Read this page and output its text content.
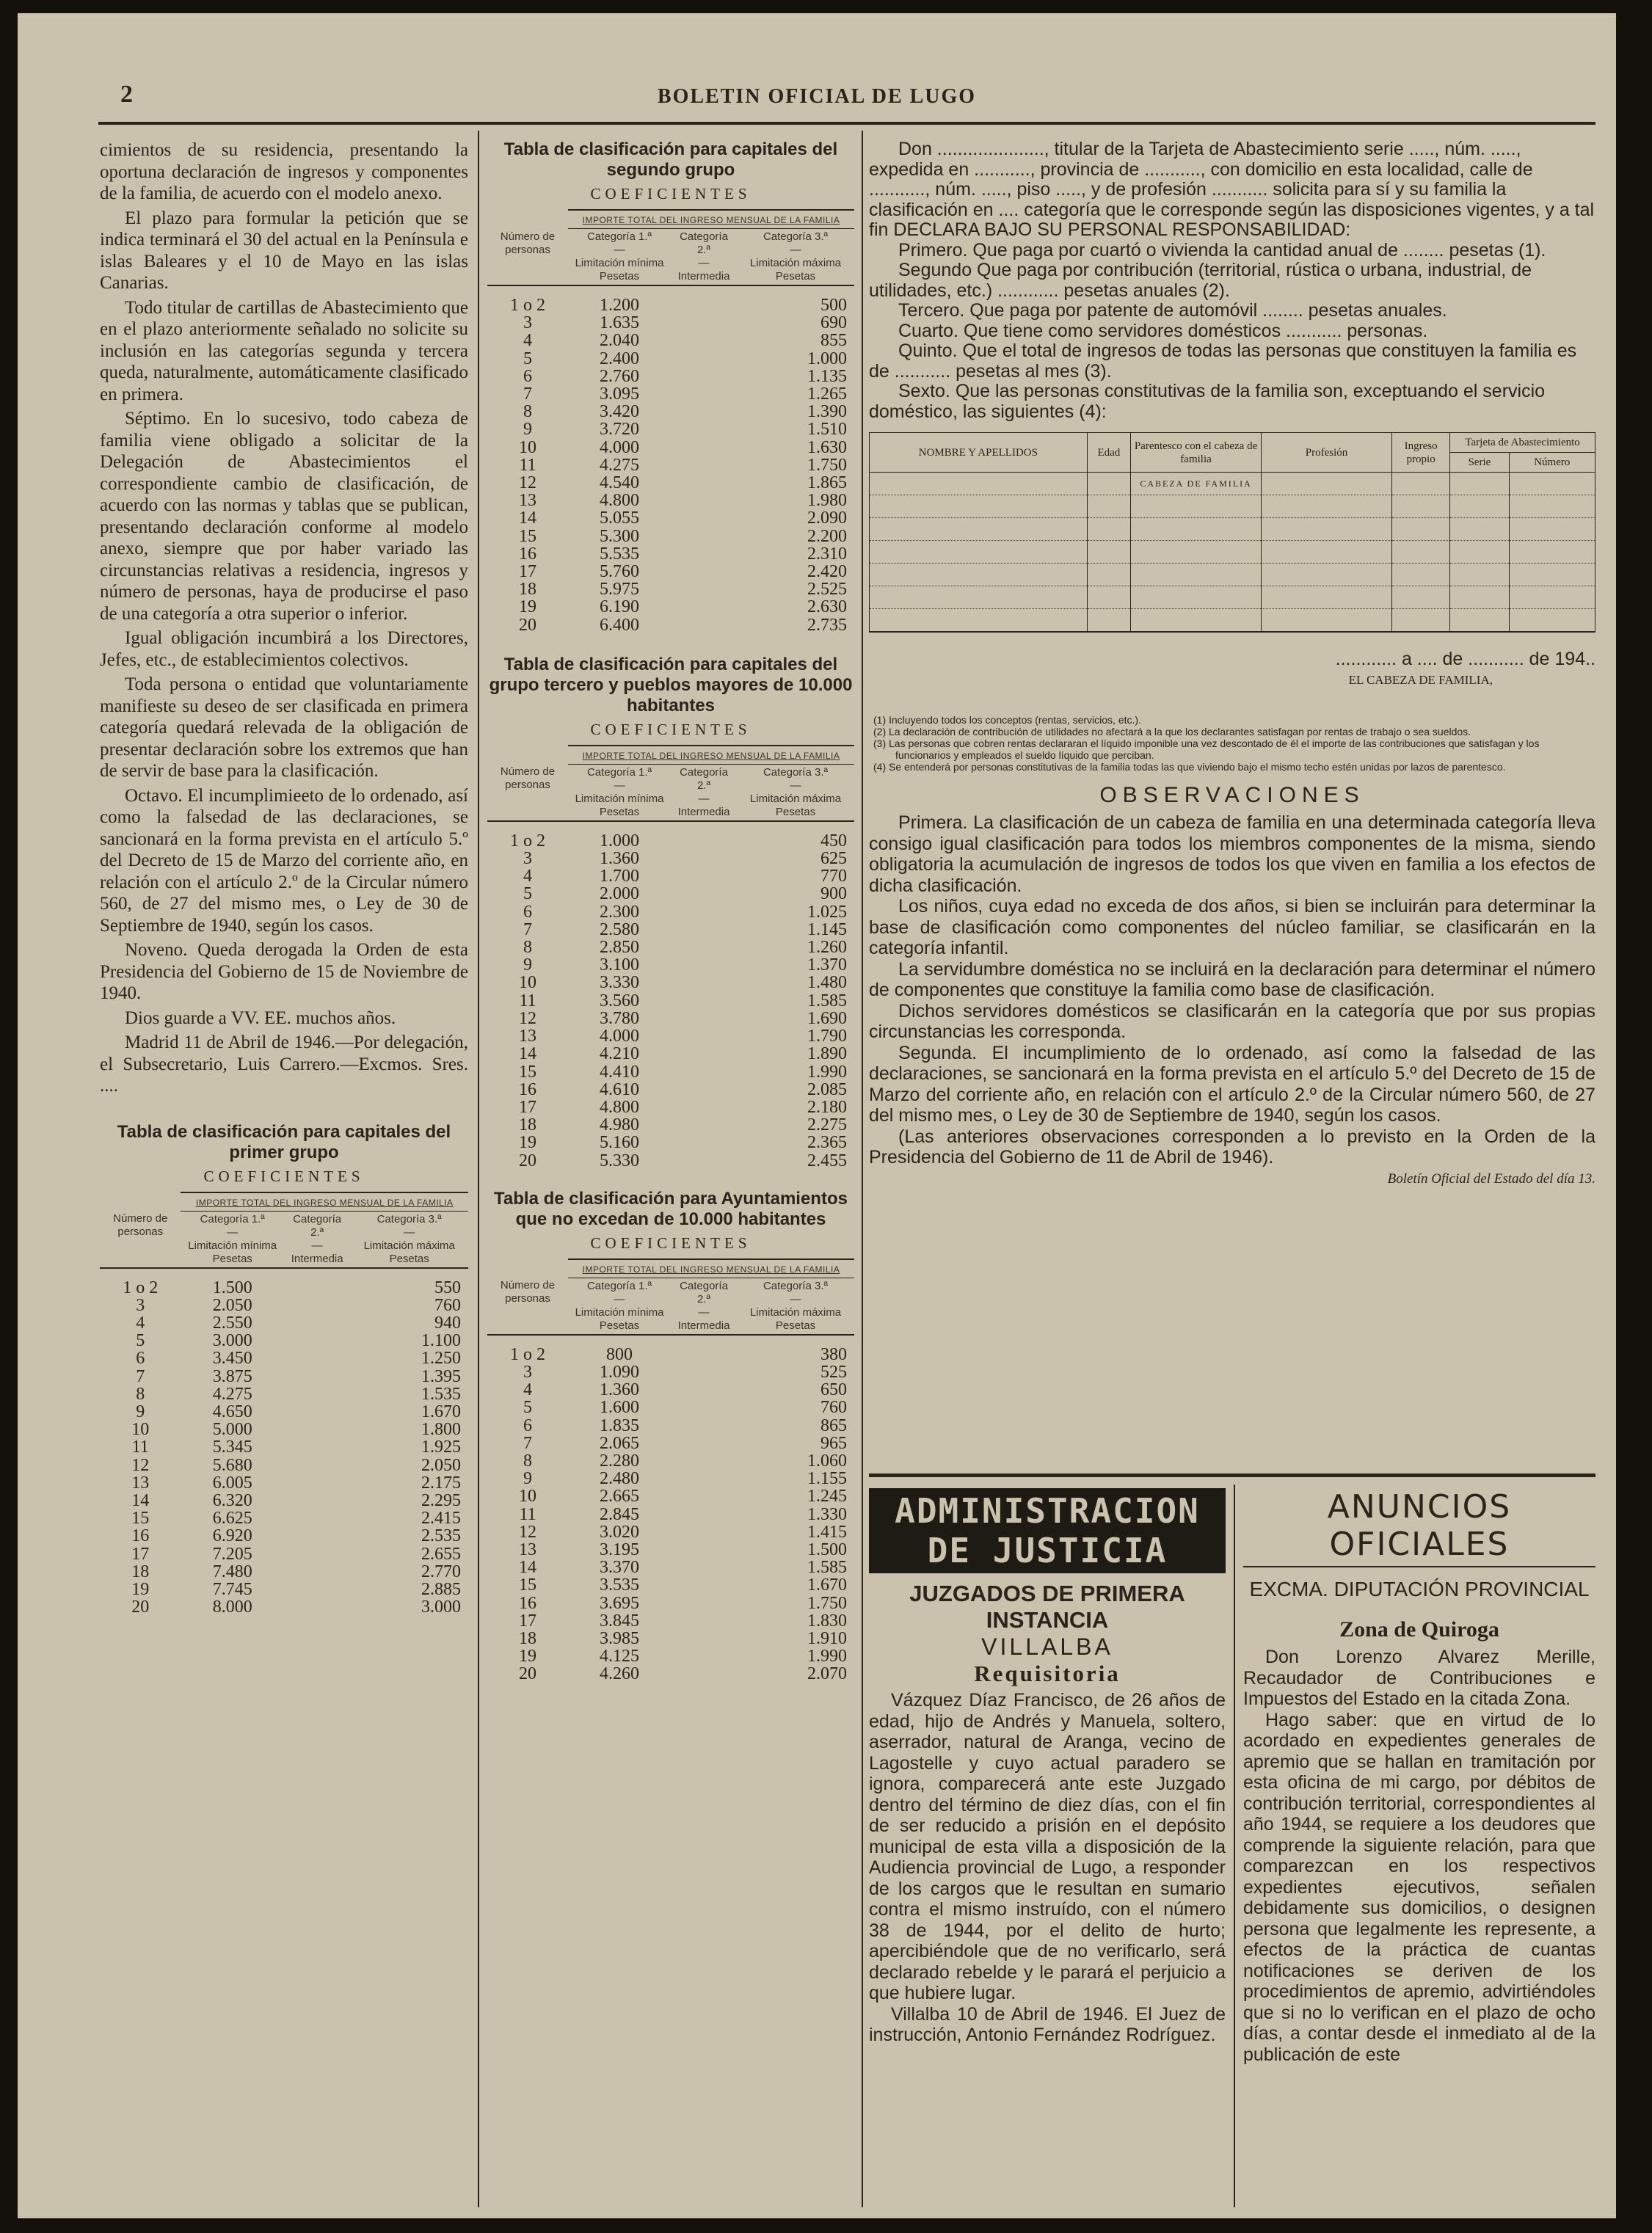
2	BOLETIN OFICIAL DE LUGO

cimientos de su residencia, presentando la oportuna declaración de ingresos y componentes de la familia, de acuerdo con el modelo anexo.

El plazo para formular la petición que se indica terminará el 30 del actual en la Península e islas Baleares y el 10 de Mayo en las islas Canarias.

Todo titular de cartillas de Abastecimiento que en el plazo anteriormente señalado no solicite su inclusión en las categorías segunda y tercera queda, naturalmente, automáticamente clasificado en primera.

Séptimo. En lo sucesivo, todo cabeza de familia viene obligado a solicitar de la Delegación de Abastecimientos el correspondiente cambio de clasificación, de acuerdo con las normas y tablas que se publican, presentando declaración conforme al modelo anexo, siempre que por haber variado las circunstancias relativas a residencia, ingresos y número de personas, haya de producirse el paso de una categoría a otra superior o inferior.

Igual obligación incumbirá a los Directores, Jefes, etc., de establecimientos colectivos.

Toda persona o entidad que voluntariamente manifieste su deseo de ser clasificada en primera categoría quedará relevada de la obligación de presentar declaración sobre los extremos que han de servir de base para la clasificación.

Octavo. El incumplimieeto de lo ordenado, así como la falsedad de las declaraciones, se sancionará en la forma prevista en el artículo 5.º del Decreto de 15 de Marzo del corriente año, en relación con el artículo 2.º de la Circular número 560, de 27 del mismo mes, o Ley de 30 de Septiembre de 1940, según los casos.

Noveno. Queda derogada la Orden de esta Presidencia del Gobierno de 15 de Noviembre de 1940.

Dios guarde a VV. EE. muchos años.

Madrid 11 de Abril de 1946.—Por delegación, el Subsecretario, Luis Carrero.—Excmos. Sres. ....

Tabla de clasificación para capitales del primer grupo
COEFICIENTES
	IMPORTE TOTAL DEL INGRESO MENSUAL DE LA FAMILIA		
Número de personas	Categoría 1.ª
—
Limitación mínima
Pesetas	Categoría 2.ª
—
Intermedia	Categoría 3.ª
—
Limitación máxima
Pesetas

1 o 2	1.500		550
3	2.050		760
4	2.550		940
5	3.000		1.100
6	3.450		1.250
7	3.875		1.395
8	4.275		1.535
9	4.650		1.670
10	5.000		1.800
11	5.345		1.925
12	5.680		2.050
13	6.005		2.175
14	6.320		2.295
15	6.625		2.415
16	6.920		2.535
17	7.205		2.655
18	7.480		2.770
19	7.745		2.885
20	8.000		3.000
Tabla de clasificación para capitales del segundo grupo
COEFICIENTES
	IMPORTE TOTAL DEL INGRESO MENSUAL DE LA FAMILIA		
Número de personas	Categoría 1.ª
—
Limitación mínima
Pesetas	Categoría 2.ª
—
Intermedia	Categoría 3.ª
—
Limitación máxima
Pesetas

1 o 2	1.200		500
3	1.635		690
4	2.040		855
5	2.400		1.000
6	2.760		1.135
7	3.095		1.265
8	3.420		1.390
9	3.720		1.510
10	4.000		1.630
11	4.275		1.750
12	4.540		1.865
13	4.800		1.980
14	5.055		2.090
15	5.300		2.200
16	5.535		2.310
17	5.760		2.420
18	5.975		2.525
19	6.190		2.630
20	6.400		2.735
Tabla de clasificación para capitales del grupo tercero y pueblos mayores de 10.000 habitantes
COEFICIENTES
	IMPORTE TOTAL DEL INGRESO MENSUAL DE LA FAMILIA		
Número de personas	Categoría 1.ª
—
Limitación mínima
Pesetas	Categoría 2.ª
—
Intermedia	Categoría 3.ª
—
Limitación máxima
Pesetas

1 o 2	1.000		450
3	1.360		625
4	1.700		770
5	2.000		900
6	2.300		1.025
7	2.580		1.145
8	2.850		1.260
9	3.100		1.370
10	3.330		1.480
11	3.560		1.585
12	3.780		1.690
13	4.000		1.790
14	4.210		1.890
15	4.410		1.990
16	4.610		2.085
17	4.800		2.180
18	4.980		2.275
19	5.160		2.365
20	5.330		2.455
Tabla de clasificación para Ayuntamientos que no excedan de 10.000 habitantes
COEFICIENTES
	IMPORTE TOTAL DEL INGRESO MENSUAL DE LA FAMILIA		
Número de personas	Categoría 1.ª
—
Limitación mínima
Pesetas	Categoría 2.ª
—
Intermedia	Categoría 3.ª
—
Limitación máxima
Pesetas

1 o 2	800		380
3	1.090		525
4	1.360		650
5	1.600		760
6	1.835		865
7	2.065		965
8	2.280		1.060
9	2.480		1.155
10	2.665		1.245
11	2.845		1.330
12	3.020		1.415
13	3.195		1.500
14	3.370		1.585
15	3.535		1.670
16	3.695		1.750
17	3.845		1.830
18	3.985		1.910
19	4.125		1.990
20	4.260		2.070

Don ....................., titular de la Tarjeta de Abastecimiento serie ....., núm. ....., expedida en ..........., provincia de ..........., con domicilio en esta localidad, calle de ..........., núm. ....., piso ....., y de profesión ........... solicita para sí y su familia la clasificación en .... categoría que le corresponde según las disposiciones vigentes, y a tal fin DECLARA BAJO SU PERSONAL RESPONSABILIDAD:

Primero. Que paga por cuartó o vivienda la cantidad anual de ........ pesetas (1).

Segundo Que paga por contribución (territorial, rústica o urbana, industrial, de utilidades, etc.) ............ pesetas anuales (2).

Tercero. Que paga por patente de automóvil ........ pesetas anuales.

Cuarto. Que tiene como servidores domésticos ........... personas.

Quinto. Que el total de ingresos de todas las personas que constituyen la familia es de ........... pesetas al mes (3).

Sexto. Que las personas constitutivas de la familia son, exceptuando el servicio doméstico, las siguientes (4):

NOMBRE Y APELLIDOS	Edad	Parentesco con el cabeza de familia	Profesión	Ingreso propio	Tarjeta de Abastecimiento	
					Serie	Número
		CABEZA DE FAMILIA				

............ a .... de ........... de 194..
EL CABEZA DE FAMILIA,
(1) Incluyendo todos los conceptos (rentas, servicios, etc.).
(2) La declaración de contribución de utilidades no afectará a la que los declarantes satisfagan por rentas de trabajo o sea sueldos.
(3) Las personas que cobren rentas declararan el líquido imponible una vez descontado de él el importe de las contribuciones que satisfagan y los funcionarios y empleados el sueldo líquido que perciban.
(4) Se entenderá por personas constitutivas de la familia todas las que viviendo bajo el mismo techo estén unidas por lazos de parentesco.
OBSERVACIONES

Primera. La clasificación de un cabeza de familia en una determinada categoría lleva consigo igual clasificación para todos los miembros componentes de la misma, siendo obligatoria la acumulación de ingresos de todos los que viven en familia a los efectos de dicha clasificación.

Los niños, cuya edad no exceda de dos años, si bien se incluirán para determinar la base de clasificación como componentes del núcleo familiar, se clasificarán en la categoría infantil.

La servidumbre doméstica no se incluirá en la declaración para determinar el número de componentes que constituye la familia como base de clasificación.

Dichos servidores domésticos se clasificarán en la categoría que por sus propias circunstancias les corresponda.

Segunda. El incumplimiento de lo ordenado, así como la falsedad de las declaraciones, se sancionará en la forma prevista en el artículo 5.º del Decreto de 15 de Marzo del corriente año, en relación con el artículo 2.º de la Circular número 560, de 27 del mismo mes, o Ley de 30 de Septiembre de 1940, según los casos.

(Las anteriores observaciones corresponden a lo previsto en la Orden de la Presidencia del Gobierno de 11 de Abril de 1946).

Boletín Oficial del Estado del día 13.
ADMINISTRACION DE JUSTICIA
JUZGADOS DE PRIMERA INSTANCIA
VILLALBA
Requisitoria

Vázquez Díaz Francisco, de 26 años de edad, hijo de Andrés y Manuela, soltero, aserrador, natural de Aranga, vecino de Lagostelle y cuyo actual paradero se ignora, comparecerá ante este Juzgado dentro del término de diez días, con el fin de ser reducido a prisión en el depósito municipal de esta villa a disposición de la Audiencia provincial de Lugo, a responder de los cargos que le resultan en sumario contra el mismo instruído, con el número 38 de 1944, por el delito de hurto; apercibiéndole que de no verificarlo, será declarado rebelde y le parará el perjuicio a que hubiere lugar.

Villalba 10 de Abril de 1946. El Juez de instrucción, Antonio Fernández Rodríguez.

ANUNCIOS OFICIALES
EXCMA. DIPUTACIÓN PROVINCIAL
Zona de Quiroga

Don Lorenzo Alvarez Merille, Recaudador de Contribuciones e Impuestos del Estado en la citada Zona.

Hago saber: que en virtud de lo acordado en expedientes generales de apremio que se hallan en tramitación por esta oficina de mi cargo, por débitos de contribución territorial, correspondientes al año 1944, se requiere a los deudores que comprende la siguiente relación, para que comparezcan en los respectivos expedientes ejecutivos, señalen debidamente sus domicilios, o designen persona que legalmente les represente, a efectos de la práctica de cuantas notificaciones se deriven de los procedimientos de apremio, advirtiéndoles que si no lo verifican en el plazo de ocho días, a contar desde el inmediato al de la publicación de este
